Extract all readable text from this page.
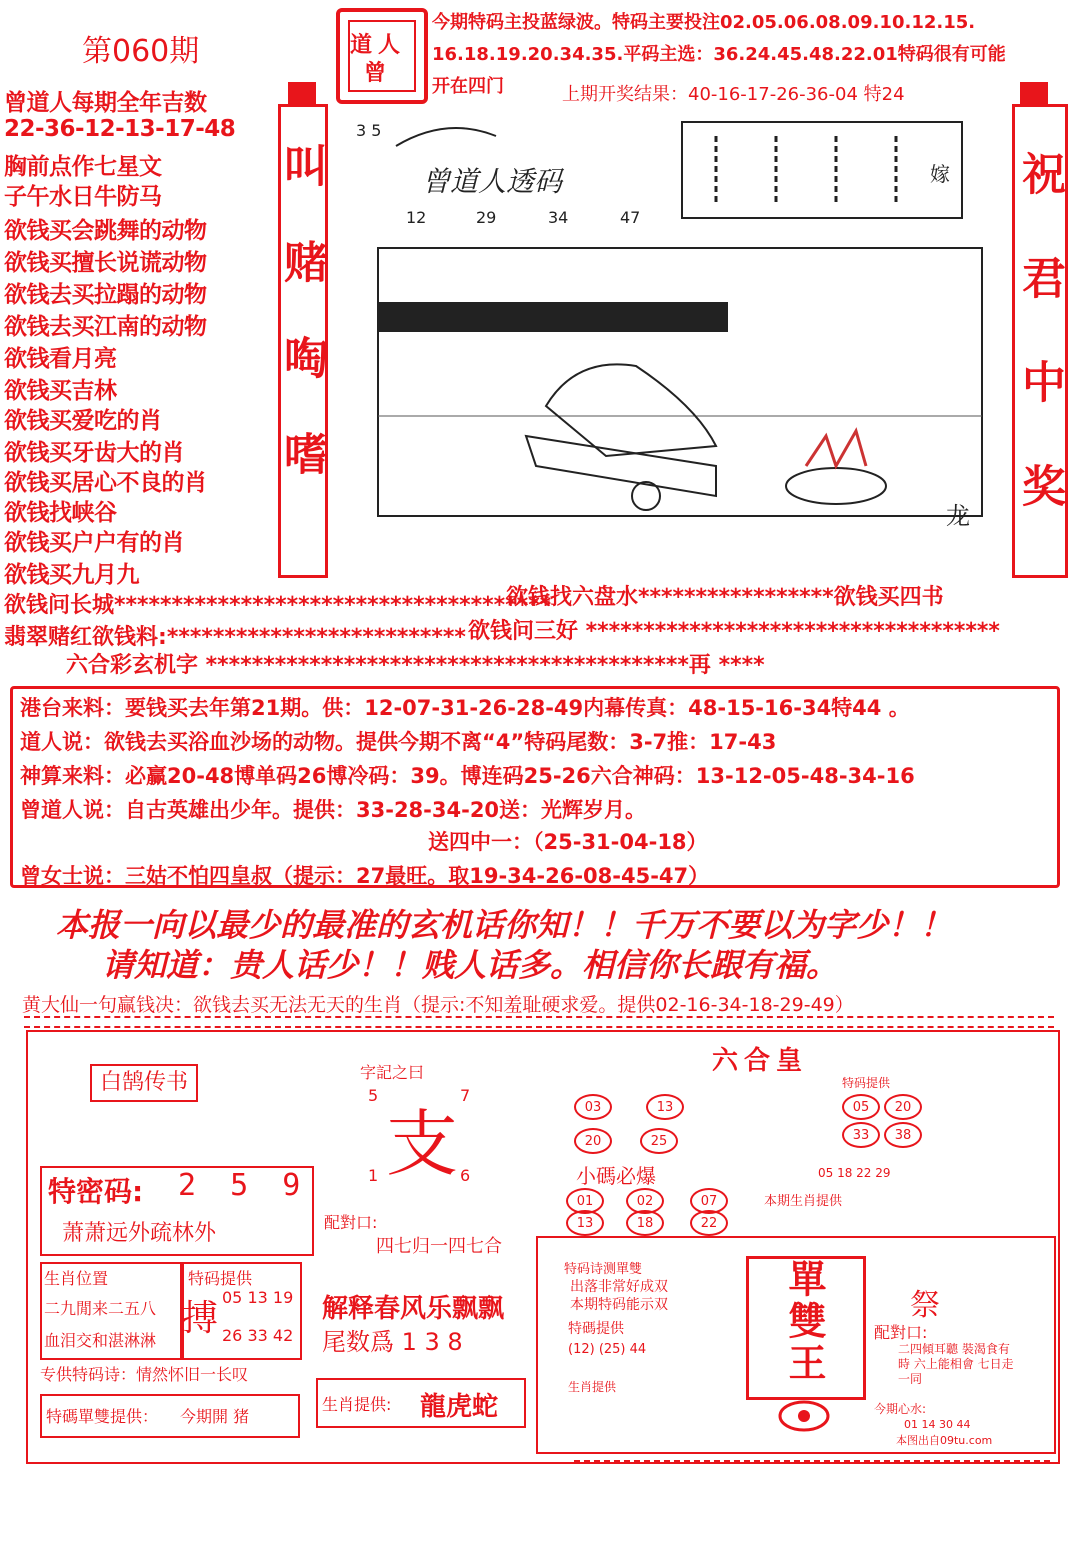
第060期	道 人
曾
今期特码主投蓝绿波。特码主要投注02.05.06.08.09.10.12.15.
16.18.19.20.34.35.平码主选：36.24.45.48.22.01特码很有可能
开在四门	上期开奖结果：40-16-17-26-36-04 特24
曾道人每期全年吉数
22-36-12-13-17-48
胸前点作七星文
子午水日牛防马
欲钱买会跳舞的动物
欲钱买擅长说谎动物
欲钱去买拉蹋的动物
欲钱去买江南的动物
欲钱看月亮
欲钱买吉林
欲钱买爱吃的肖
欲钱买牙齿大的肖
欲钱买居心不良的肖
欲钱找峡谷
欲钱买户户有的肖
欲钱买九月九
叫赌啕嗜	祝君中奖
3 5
曾道人透码
12	29	34	47
龙
嫁
欲钱问长城**************************************
欲钱找六盘水*****************欲钱买四书
翡翠赌红欲钱料:************************** 欲钱问三好 ************************************
六合彩玄机字 ******************************************再 ****
港台来料：要钱买去年第21期。供：12-07-31-26-28-49内幕传真：48-15-16-34特44 。
道人说：欲钱去买浴血沙场的动物。提供今期不离“4”特码尾数：3-7推：17-43
神算来料：必赢20-48博单码26博冷码：39。博连码25-26六合神码：13-12-05-48-34-16
曾道人说：自古英雄出少年。提供：33-28-34-20送：光辉岁月。
送四中一：（25-31-04-18）
曾女士说：三姑不怕四皇叔（提示：27最旺。取19-34-26-08-45-47）
本报一向以最少的最准的玄机话你知！！千万不要以为字少！！
请知道：贵人话少！！贱人话多。相信你长跟有福。
黄大仙一句赢钱决：欲钱去买无法无天的生肖（提示:不知羞耻硬求爱。提供02-16-34-18-29-49）
白鹄传书
特密码: 2 5 9
萧萧远外疏林外
生肖位置
二九閒来二五八
血泪交和湛淋淋
特码提供
搏
05 13 19
26 33 42
专供特码诗：情然怀旧一长叹
特碼單雙提供： 今期開 猪
字記之曰
5	7
支
1	6
配對口:
四七归一四七合
解释春风乐飘飘
尾数爲 1 3 8
生肖提供: 龍虎蛇
六合皇
03	13
20	25
特码提供
05	20
33	38
小碼必爆	05 18 22 29
01	02	07
13	18	22
本期生肖提供
特码诗测單雙
出落非常好成双
本期特码能示双
特碼提供
(12) (25) 44
生肖提供
單雙王	祭
配對口:
二四傾耳聽 裝渴食有時 六上能相會 七日走一同
今期心水:
01 14 30 44
本图出自09tu.com
